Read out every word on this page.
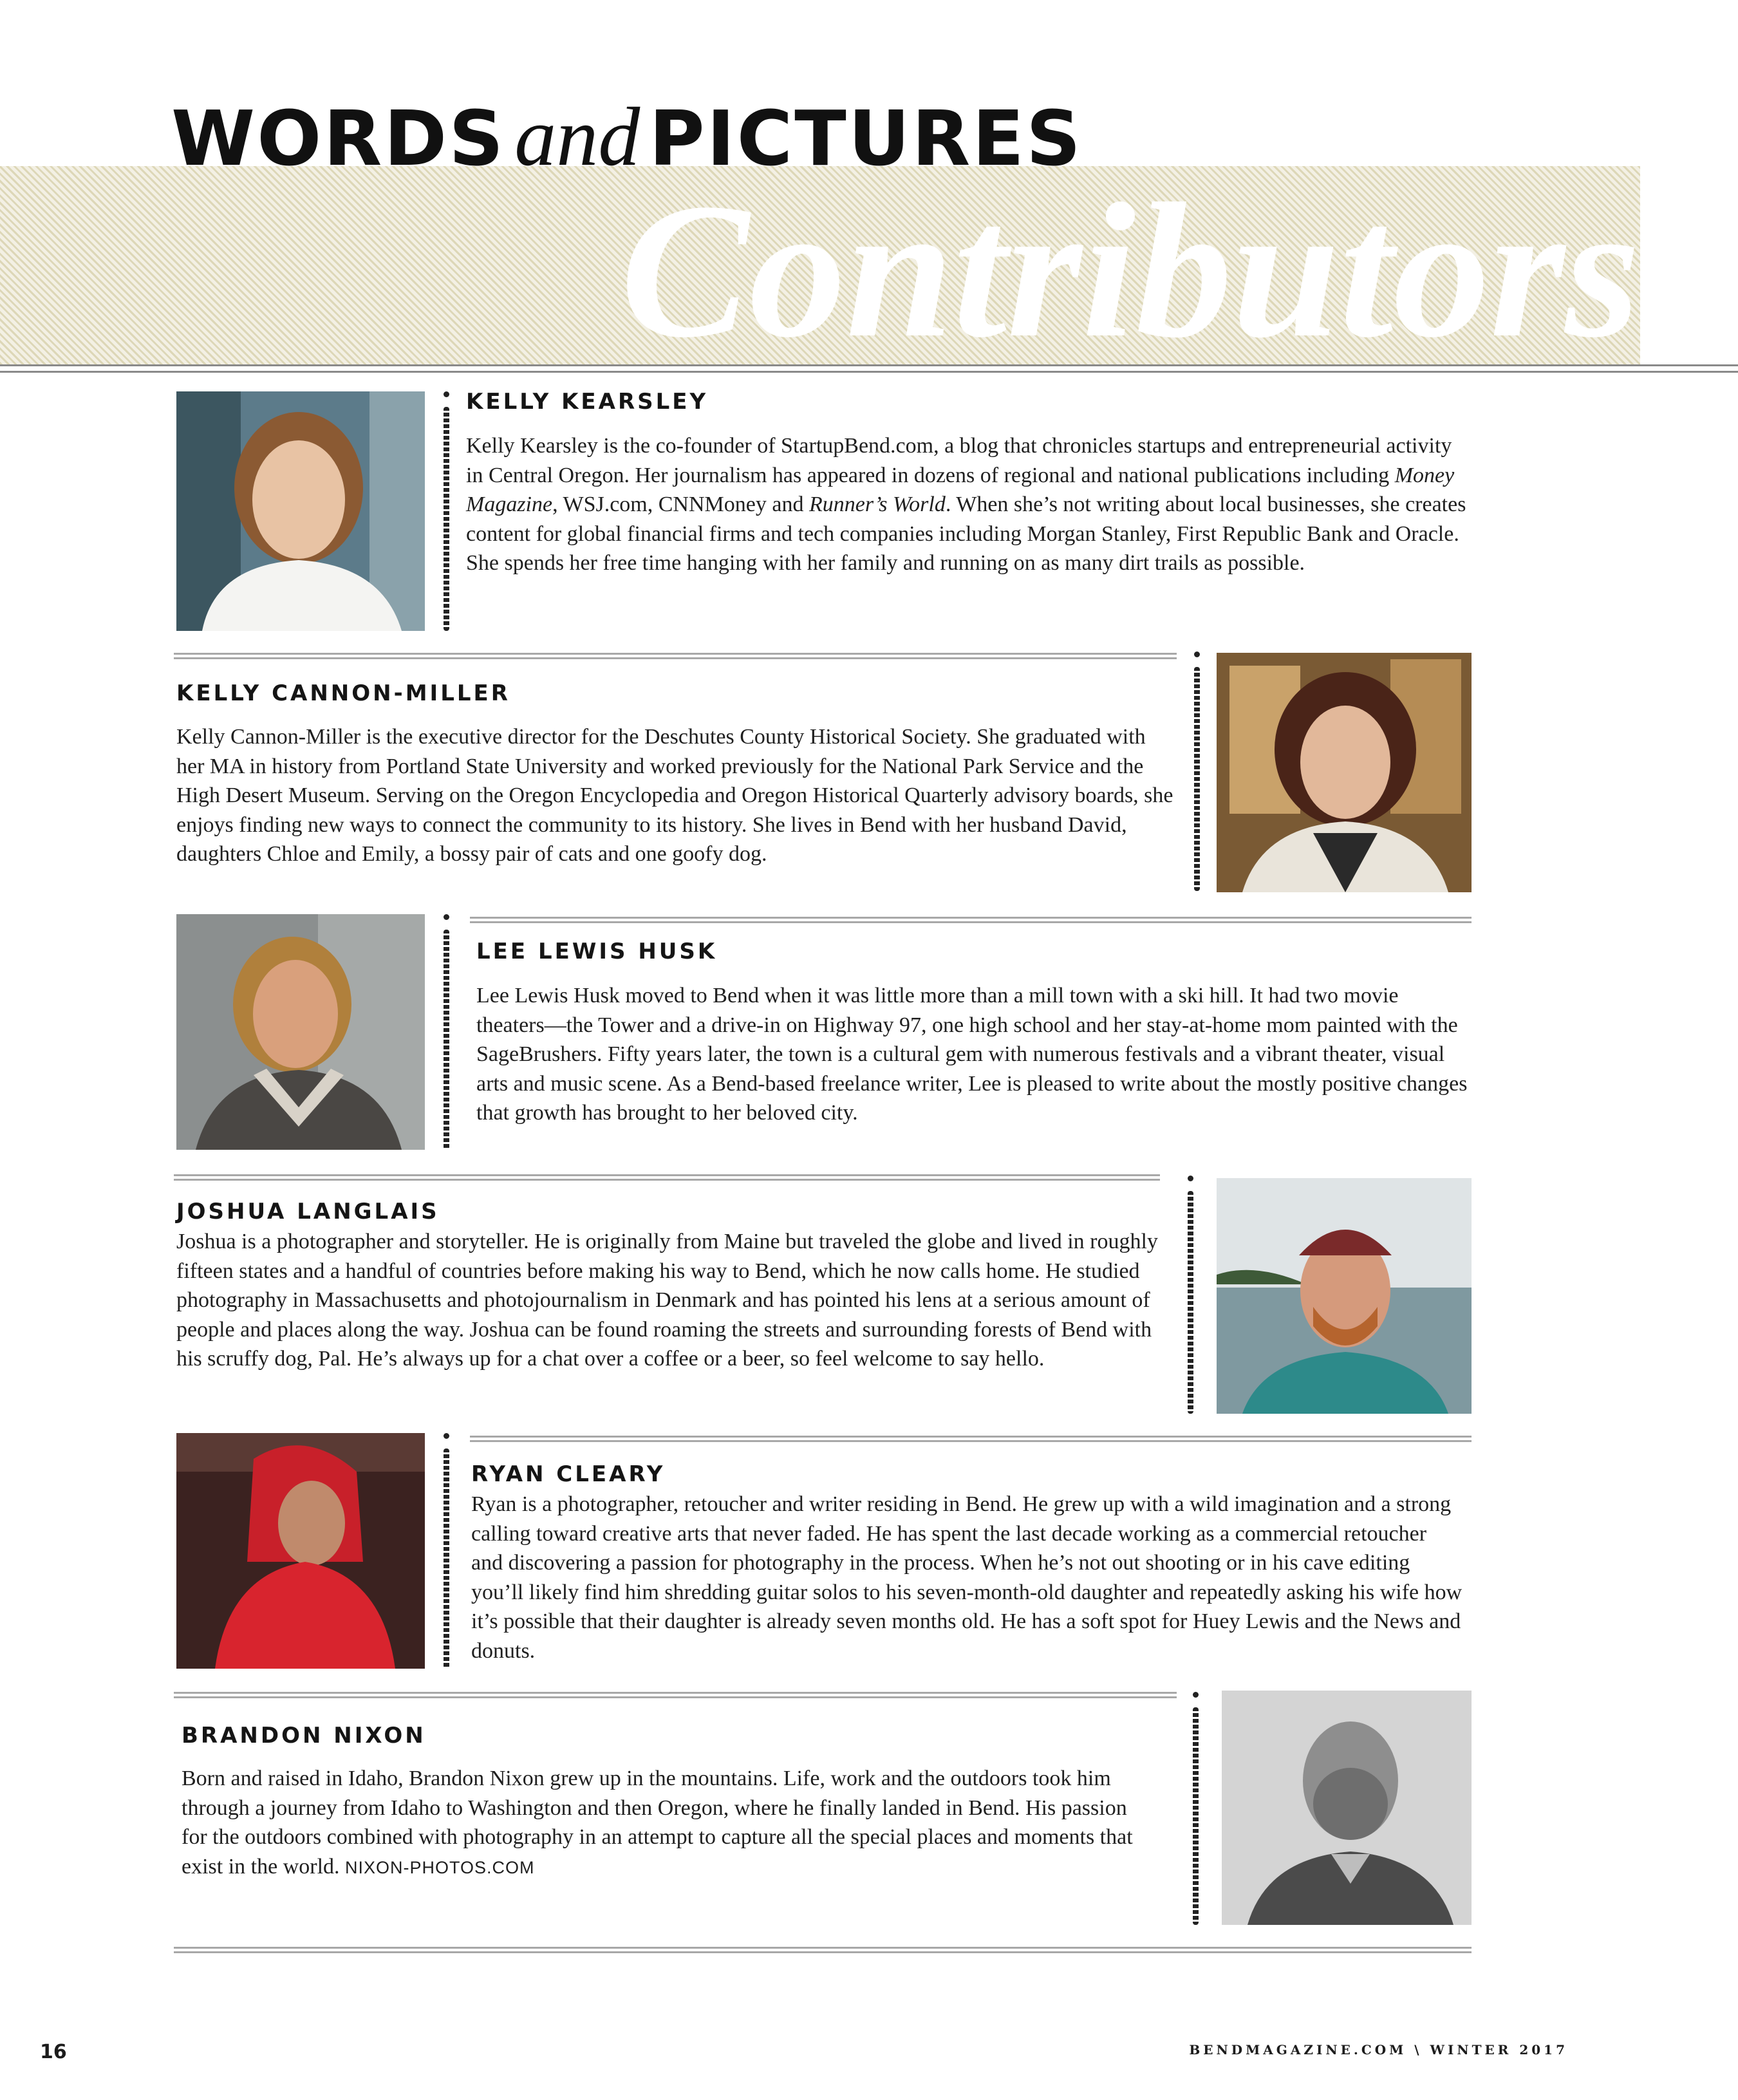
Contributors
WORDS and PICTURES
KELLY KEARSLEY

Kelly Kearsley is the co-founder of StartupBend.com, a blog that chronicles startups and entrepreneurial activity in Central Oregon. Her journalism has appeared in dozens of regional and national publications including Money Magazine, WSJ.com, CNNMoney and Runner’s World. When she’s not writing about local businesses, she creates content for global financial firms and tech companies including Morgan Stanley, First Republic Bank and Oracle. She spends her free time hanging with her family and running on as many dirt trails as possible.

KELLY CANNON-MILLER

Kelly Cannon-Miller is the executive director for the Deschutes County Historical Society. She graduated with her MA in history from Portland State University and worked previously for the National Park Service and the High Desert Museum. Serving on the Oregon Encyclopedia and Oregon Historical Quarterly advisory boards, she enjoys finding new ways to connect the community to its history. She lives in Bend with her husband David, daughters Chloe and Emily, a bossy pair of cats and one goofy dog.

LEE LEWIS HUSK

Lee Lewis Husk moved to Bend when it was little more than a mill town with a ski hill. It had two movie theaters—the Tower and a drive-in on Highway 97, one high school and her stay-at-home mom painted with the SageBrushers. Fifty years later, the town is a cultural gem with numerous festivals and a vibrant theater, visual arts and music scene. As a Bend-based freelance writer, Lee is pleased to write about the mostly positive changes that growth has brought to her beloved city.

JOSHUA LANGLAIS

Joshua is a photographer and storyteller. He is originally from Maine but traveled the globe and lived in roughly fifteen states and a handful of countries before making his way to Bend, which he now calls home. He studied photography in Massachusetts and photojournalism in Denmark and has pointed his lens at a serious amount of people and places along the way. Joshua can be found roaming the streets and surrounding forests of Bend with his scruffy dog, Pal. He’s always up for a chat over a coffee or a beer, so feel welcome to say hello.

RYAN CLEARY

Ryan is a photographer, retoucher and writer residing in Bend. He grew up with a wild imagination and a strong calling toward creative arts that never faded. He has spent the last decade working as a commercial retoucher and discovering a passion for photography in the process. When he’s not out shooting or in his cave editing you’ll likely find him shredding guitar solos to his seven-month-old daughter and repeatedly asking his wife how it’s possible that their daughter is already seven months old. He has a soft spot for Huey Lewis and the News and donuts.

BRANDON NIXON

Born and raised in Idaho, Brandon Nixon grew up in the mountains. Life, work and the outdoors took him through a journey from Idaho to Washington and then Oregon, where he finally landed in Bend. His passion for the outdoors combined with photography in an attempt to capture all the special places and moments that exist in the world. NIXON-PHOTOS.COM

16	BENDMAGAZINE.COM \ WINTER 2017
